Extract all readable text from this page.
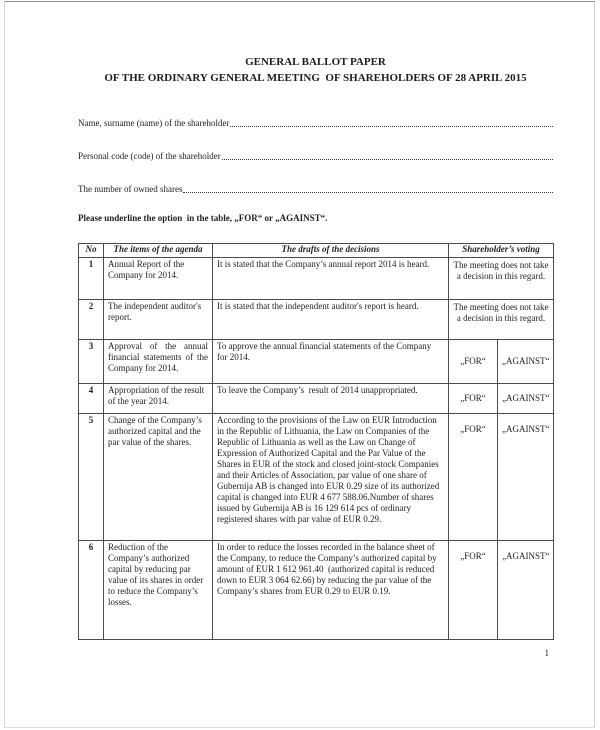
GENERAL BALLOT PAPER
OF THE ORDINARY GENERAL MEETING  OF SHAREHOLDERS OF 28 APRIL 2015
Name, surname (name) of the shareholder
Personal code (code) of the shareholder
The number of owned shares
Please underline the option  in the table, „FOR“ or „AGAINST“.
No	The items of the agenda	The drafts of the decisions	Shareholder’s voting	
1	Annual Report of the Company for 2014.	It is stated that the Company’s annual report 2014 is heard.	The meeting does not take a decision in this regard.	
2	The independent auditor's report.	It is stated that the independent auditor's report is heard.	The meeting does not take a decision in this regard.	
3	Approval of the annual financial statements of the Company for 2014.	To approve the annual financial statements of the Company for 2014.	„FOR“	„AGAINST“
4	Appropriation of the result of the year 2014.	To leave the Company’s  result of 2014 unappropriated.	„FOR“	„AGAINST“
5	Change of the Company’s authorized capital and the par value of the shares.	According to the provisions of the Law on EUR Introduction in the Republic of Lithuania, the Law on Companies of the Republic of Lithuania as well as the Law on Change of Expression of Authorized Capital and the Par Value of the Shares in EUR of the stock and closed joint-stock Companies and their Articles of Association, par value of one share of Gubernija AB is changed into EUR 0.29 size of its authorized capital is changed into EUR 4 677 588.06.Number of shares issued by Gubernija AB is 16 129 614 pcs of ordinary registered shares with par value of EUR 0.29.	„FOR“	„AGAINST“
6	Reduction of the Company’s authorized capital by reducing par value of its shares in order to reduce the Company’s losses.	In order to reduce the losses recorded in the balance sheet of the Company, to reduce the Company’s authorized capital by amount of EUR 1 612 961.40  (authorized capital is reduced down to EUR 3 064 62.66) by reducing the par value of the Company’s shares from EUR 0.29 to EUR 0.19.	„FOR“	„AGAINST“
1
